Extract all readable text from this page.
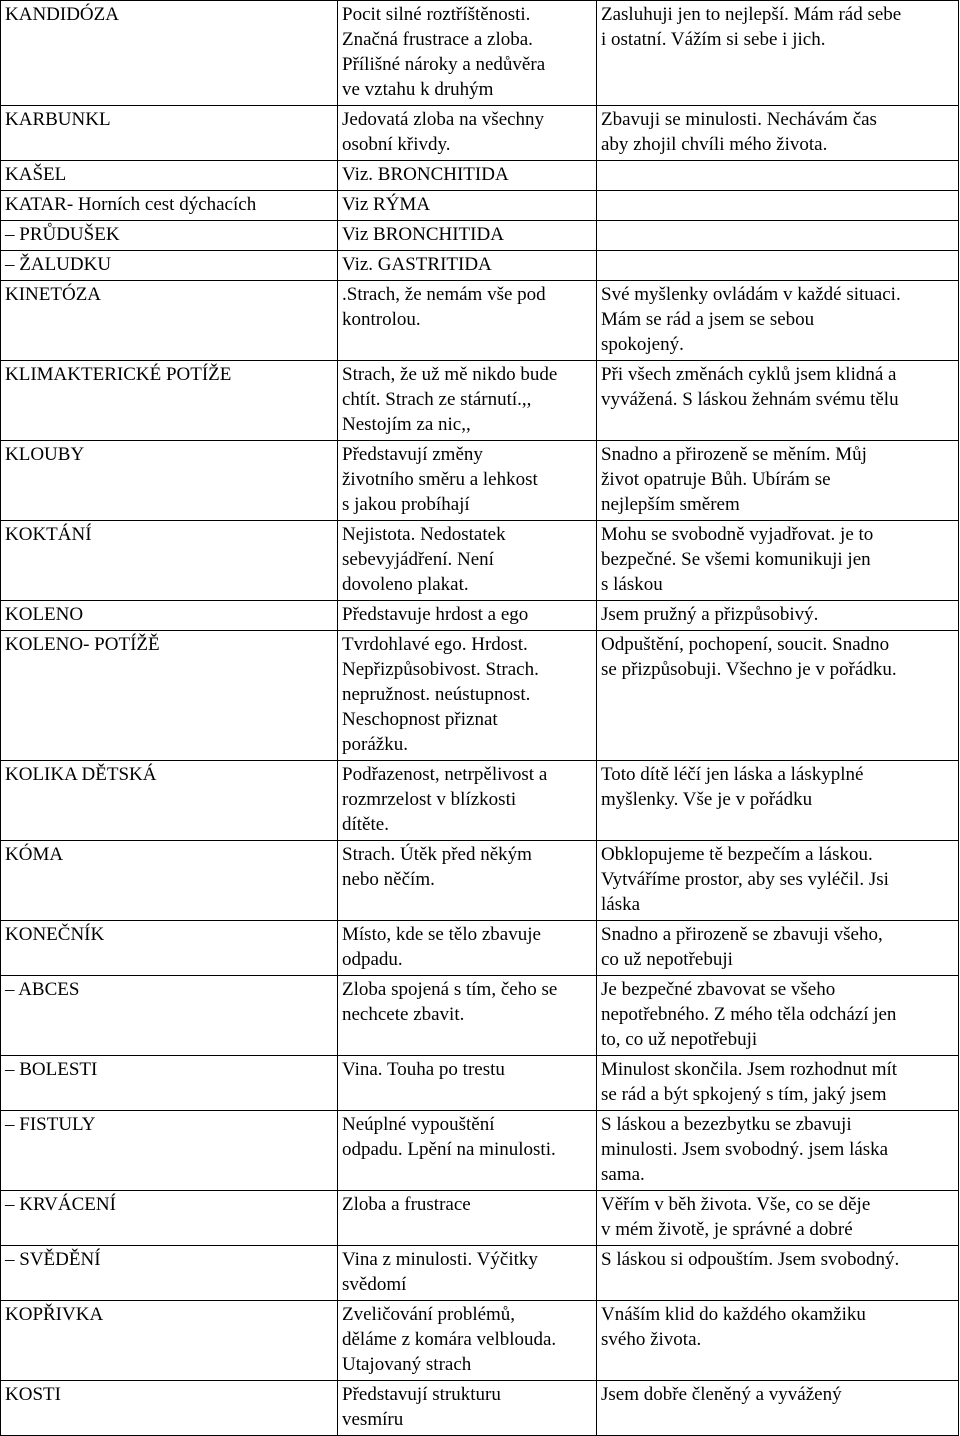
KANDIDÓZA	Pocit silné roztříštěnosti.
Značná frustrace a zloba.
Přílišné nároky a nedůvěra
ve vztahu k druhým	Zasluhuji jen to nejlepší. Mám rád sebe
i ostatní. Vážím si sebe i jich.
KARBUNKL	Jedovatá zloba na všechny
osobní křivdy.	Zbavuji se minulosti. Nechávám čas
aby zhojil chvíli mého života.
KAŠEL	Viz. BRONCHITIDA	
KATAR- Horních cest dýchacích	Viz RÝMA	
– PRŮDUŠEK	Viz BRONCHITIDA	
– ŽALUDKU	Viz. GASTRITIDA	
KINETÓZA	.Strach, že nemám vše pod
kontrolou.	Své myšlenky ovládám v každé situaci.
Mám se rád a jsem se sebou
spokojený.
KLIMAKTERICKÉ POTÍŽE	Strach, že už mě nikdo bude
chtít. Strach ze stárnutí.,,
Nestojím za nic,,	Při všech změnách cyklů jsem klidná a
vyvážená. S láskou žehnám svému tělu
KLOUBY	Představují změny
životního směru a lehkost
s jakou probíhají	Snadno a přirozeně se měním. Můj
život opatruje Bůh. Ubírám se
nejlepším směrem
KOKTÁNÍ	Nejistota. Nedostatek
sebevyjádření. Není
dovoleno plakat.	Mohu se svobodně vyjadřovat. je to
bezpečné. Se všemi komunikuji jen
s láskou
KOLENO	Představuje hrdost a ego	Jsem pružný a přizpůsobivý.
KOLENO- POTÍŽĚ	Tvrdohlavé ego. Hrdost.
Nepřizpůsobivost. Strach.
nepružnost. neústupnost.
Neschopnost přiznat
porážku.	Odpuštění, pochopení, soucit. Snadno
se přizpůsobuji. Všechno je v pořádku.
KOLIKA DĚTSKÁ	Podřazenost, netrpělivost a
rozmrzelost v blízkosti
dítěte.	Toto dítě léčí jen láska a láskyplné
myšlenky. Vše je v pořádku
KÓMA	Strach. Útěk před někým
nebo něčím.	Obklopujeme tě bezpečím a láskou.
Vytváříme prostor, aby ses vyléčil. Jsi
láska
KONEČNÍK	Místo, kde se tělo zbavuje
odpadu.	Snadno a přirozeně se zbavuji všeho,
co už nepotřebuji
– ABCES	Zloba spojená s tím, čeho se
nechcete zbavit.	Je bezpečné zbavovat se všeho
nepotřebného. Z mého těla odchází jen
to, co už nepotřebuji
– BOLESTI	Vina. Touha po trestu	Minulost skončila. Jsem rozhodnut mít
se rád a být spkojený s tím, jaký jsem
– FISTULY	Neúplné vypouštění
odpadu. Lpění na minulosti.	S láskou a bezezbytku se zbavuji
minulosti. Jsem svobodný. jsem láska
sama.
– KRVÁCENÍ	Zloba a frustrace	Věřím v běh života. Vše, co se děje
v mém životě, je správné a dobré
– SVĚDĚNÍ	Vina z minulosti. Výčitky
svědomí	S láskou si odpouštím. Jsem svobodný.
KOPŘIVKA	Zveličování problémů,
děláme z komára velblouda.
Utajovaný strach	Vnáším klid do každého okamžiku
svého života.
KOSTI	Představují strukturu
vesmíru	Jsem dobře členěný a vyvážený
